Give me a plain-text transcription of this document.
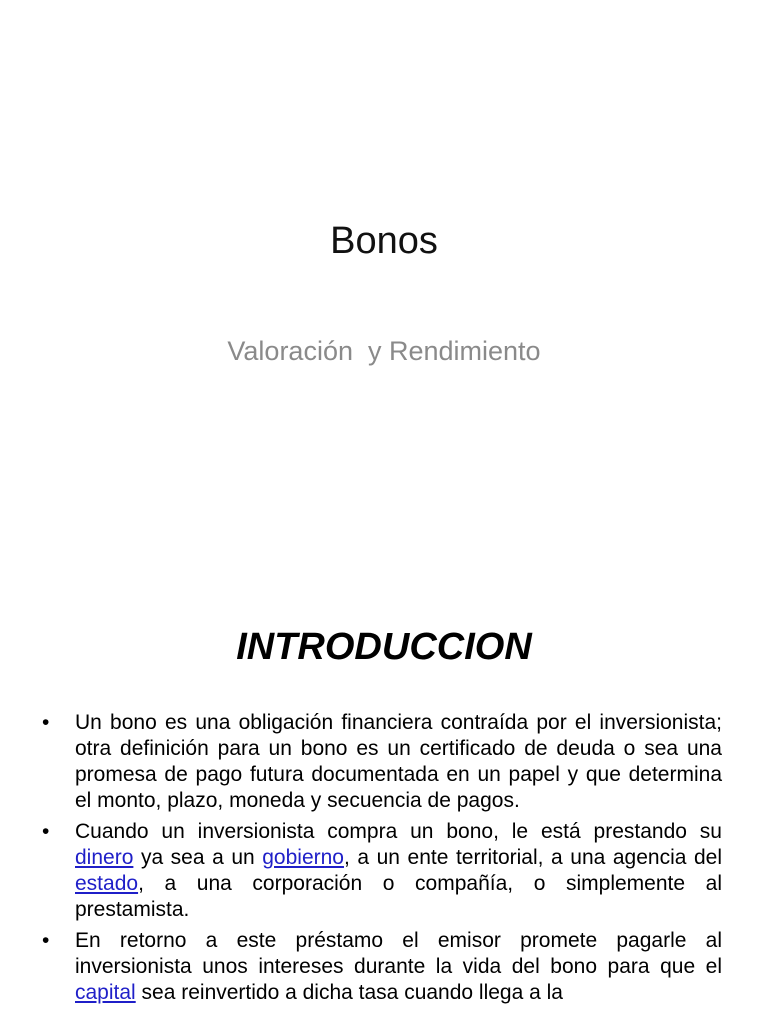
Bonos
Valoración  y Rendimiento
INTRODUCCION
•	Un bono es una obligación financiera contraída por el inversionista; otra definición para un bono es un certificado de deuda o sea una promesa de pago futura documentada en un papel y que determina el monto, plazo, moneda y secuencia de pagos.
•	Cuando un inversionista compra un bono, le está prestando su dinero ya sea a un gobierno, a un ente territorial, a una agencia del estado, a una corporación o compañía, o simplemente al prestamista.
•	En retorno a este préstamo el emisor promete pagarle al inversionista unos intereses durante la vida del bono para que el capital sea reinvertido a dicha tasa cuando llega a la
